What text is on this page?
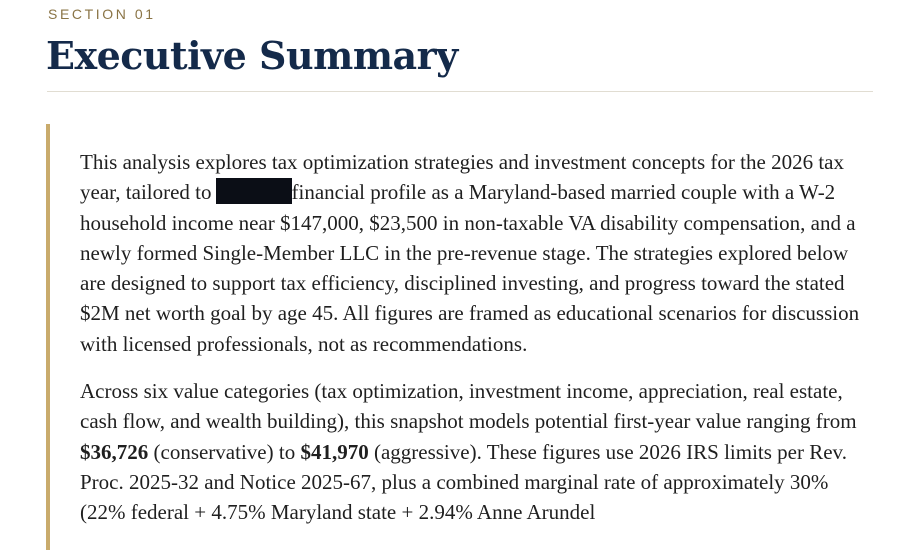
SECTION 01
Executive Summary

This analysis explores tax optimization strategies and investment concepts for the 2026 tax year, tailored to	financial profile as a Maryland-based married couple with a W-2 household income near $147,000, $23,500 in non-taxable VA disability compensation, and a newly formed Single-Member LLC in the pre-revenue stage. The strategies explored below are designed to support tax efficiency, disciplined investing, and progress toward the stated $2M net worth goal by age 45. All figures are framed as educational scenarios for discussion with licensed professionals, not as recommendations.

Across six value categories (tax optimization, investment income, appreciation, real estate, cash flow, and wealth building), this snapshot models potential first-year value ranging from $36,726 (conservative) to $41,970 (aggressive). These figures use 2026 IRS limits per Rev. Proc. 2025-32 and Notice 2025-67, plus a combined marginal rate of approximately 30% (22% federal + 4.75% Maryland state + 2.94% Anne Arundel
